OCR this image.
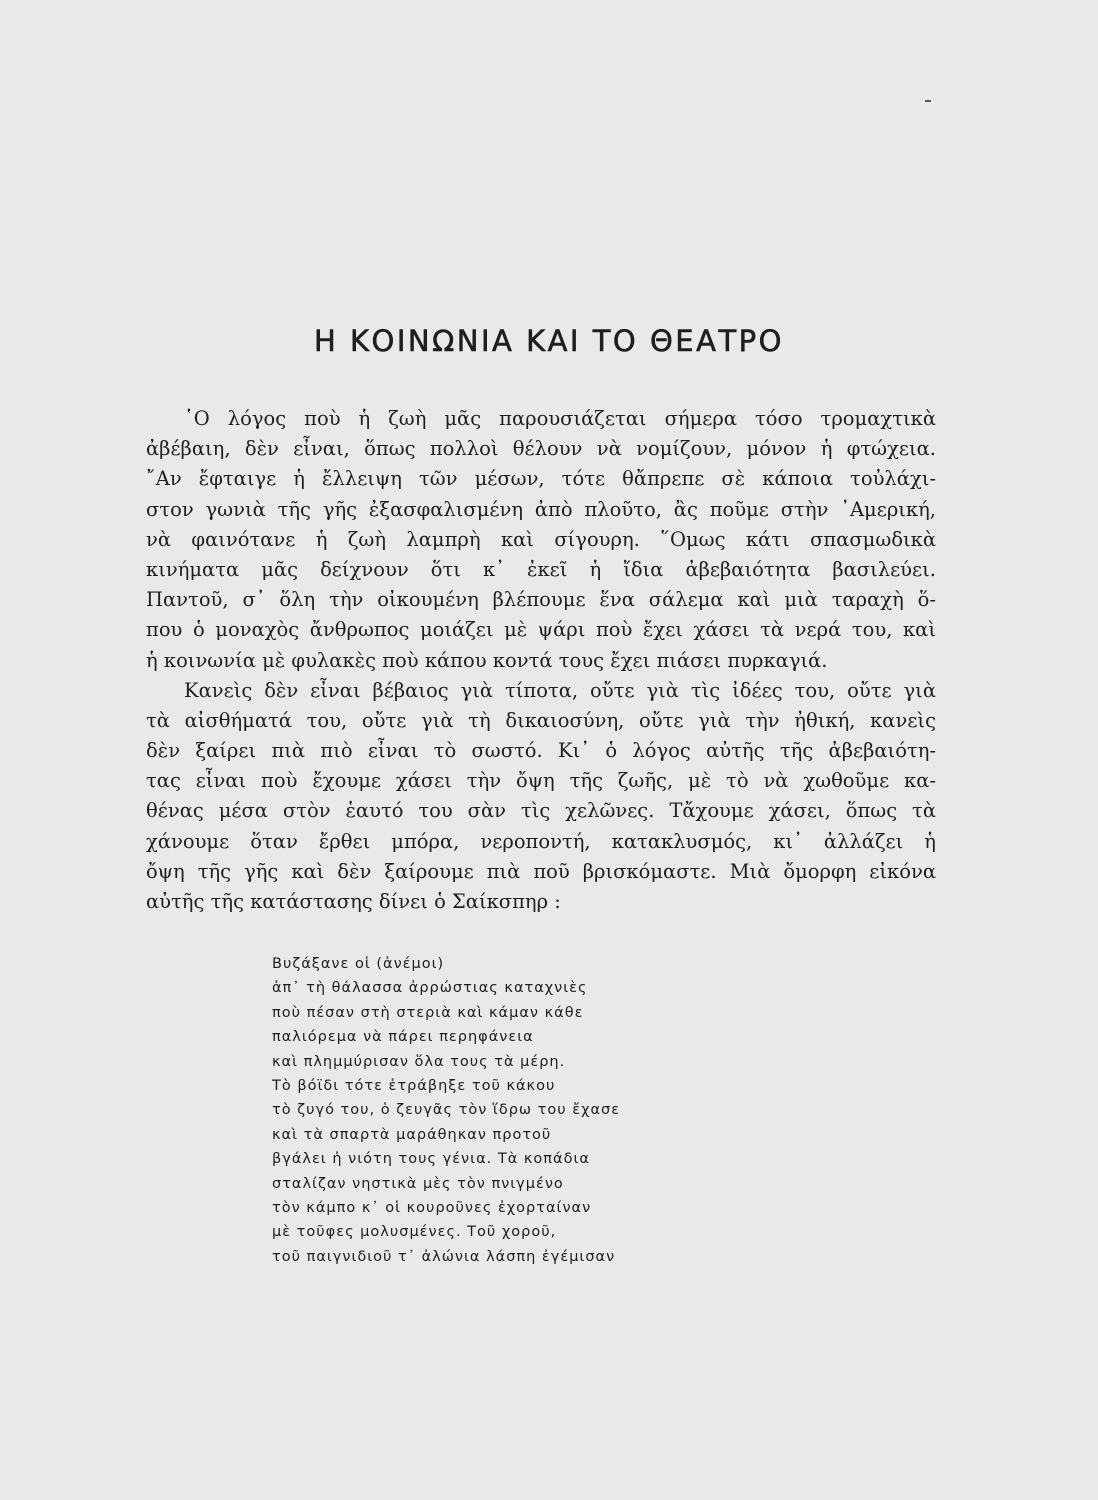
Η ΚΟΙΝΩΝΙΑ ΚΑΙ ΤΟ ΘΕΑΤΡΟ
῾Ο λόγος ποὺ ἡ ζωὴ μᾶς παρουσιάζεται σήμερα τόσο τρομαχτικὰ
ἀβέβαιη, δὲν εἶναι, ὅπως πολλοὶ θέλουν νὰ νομίζουν, μόνον ἡ φτώχεια.
῎Αν ἔφταιγε ἡ ἔλλειψη τῶν μέσων, τότε θἄπρεπε σὲ κάποια τοὐλάχι-
στον γωνιὰ τῆς γῆς ἐξασφαλισμένη ἀπὸ πλοῦτο, ἂς ποῦμε στὴν ᾿Αμερική,
νὰ φαινότανε ἡ ζωὴ λαμπρὴ καὶ σίγουρη. ῞Ομως κάτι σπασμωδικὰ
κινήματα μᾶς δείχνουν ὅτι κ᾿ ἐκεῖ ἡ ἴδια ἀβεβαιότητα βασιλεύει.
Παντοῦ, σ᾿ ὅλη τὴν οἰκουμένη βλέπουμε ἕνα σάλεμα καὶ μιὰ ταραχὴ ὅ-
που ὁ μοναχὸς ἄνθρωπος μοιάζει μὲ ψάρι ποὺ ἔχει χάσει τὰ νερά του, καὶ
ἡ κοινωνία μὲ φυλακὲς ποὺ κάπου κοντά τους ἔχει πιάσει πυρκαγιά.
Κανεὶς δὲν εἶναι βέβαιος γιὰ τίποτα, οὔτε γιὰ τὶς ἰδέες του, οὔτε γιὰ
τὰ αἰσθήματά του, οὔτε γιὰ τὴ δικαιοσύνη, οὔτε γιὰ τὴν ἠθική, κανεὶς
δὲν ξαίρει πιὰ πιὸ εἶναι τὸ σωστό. Κι᾿ ὁ λόγος αὐτῆς τῆς ἀβεβαιότη-
τας εἶναι ποὺ ἔχουμε χάσει τὴν ὄψη τῆς ζωῆς, μὲ τὸ νὰ χωθοῦμε κα-
θένας μέσα στὸν ἑαυτό του σὰν τὶς χελῶνες. Τἄχουμε χάσει, ὅπως τὰ
χάνουμε ὅταν ἔρθει μπόρα, νεροποντή, κατακλυσμός, κι᾿ ἀλλάζει ἡ
ὄψη τῆς γῆς καὶ δὲν ξαίρουμε πιὰ ποῦ βρισκόμαστε. Μιὰ ὄμορφη εἰκόνα
αὐτῆς τῆς κατάστασης δίνει ὁ Σαίκσπηρ :
Βυζάξανε οἱ (ἀνέμοι)
ἀπ᾿ τὴ θάλασσα ἀρρώστιας καταχνιὲς
ποὺ πέσαν στὴ στεριὰ καὶ κάμαν κάθε
παλιόρεμα νὰ πάρει περηφάνεια
καὶ πλημμύρισαν ὅλα τους τὰ μέρη.
Τὸ βόϊδι τότε ἐτράβηξε τοῦ κάκου
τὸ ζυγό του, ὁ ζευγᾶς τὸν ἵδρω του ἔχασε
καὶ τὰ σπαρτὰ μαράθηκαν προτοῦ
βγάλει ἡ νιότη τους γένια. Τὰ κοπάδια
σταλίζαν νηστικὰ μὲς τὸν πνιγμένο
τὸν κάμπο κ᾿ οἱ κουροῦνες ἐχορταίναν
μὲ τοῦφες μολυσμένες. Τοῦ χοροῦ,
τοῦ παιγνιδιοῦ τ᾿ ἀλώνια λάσπη ἐγέμισαν
